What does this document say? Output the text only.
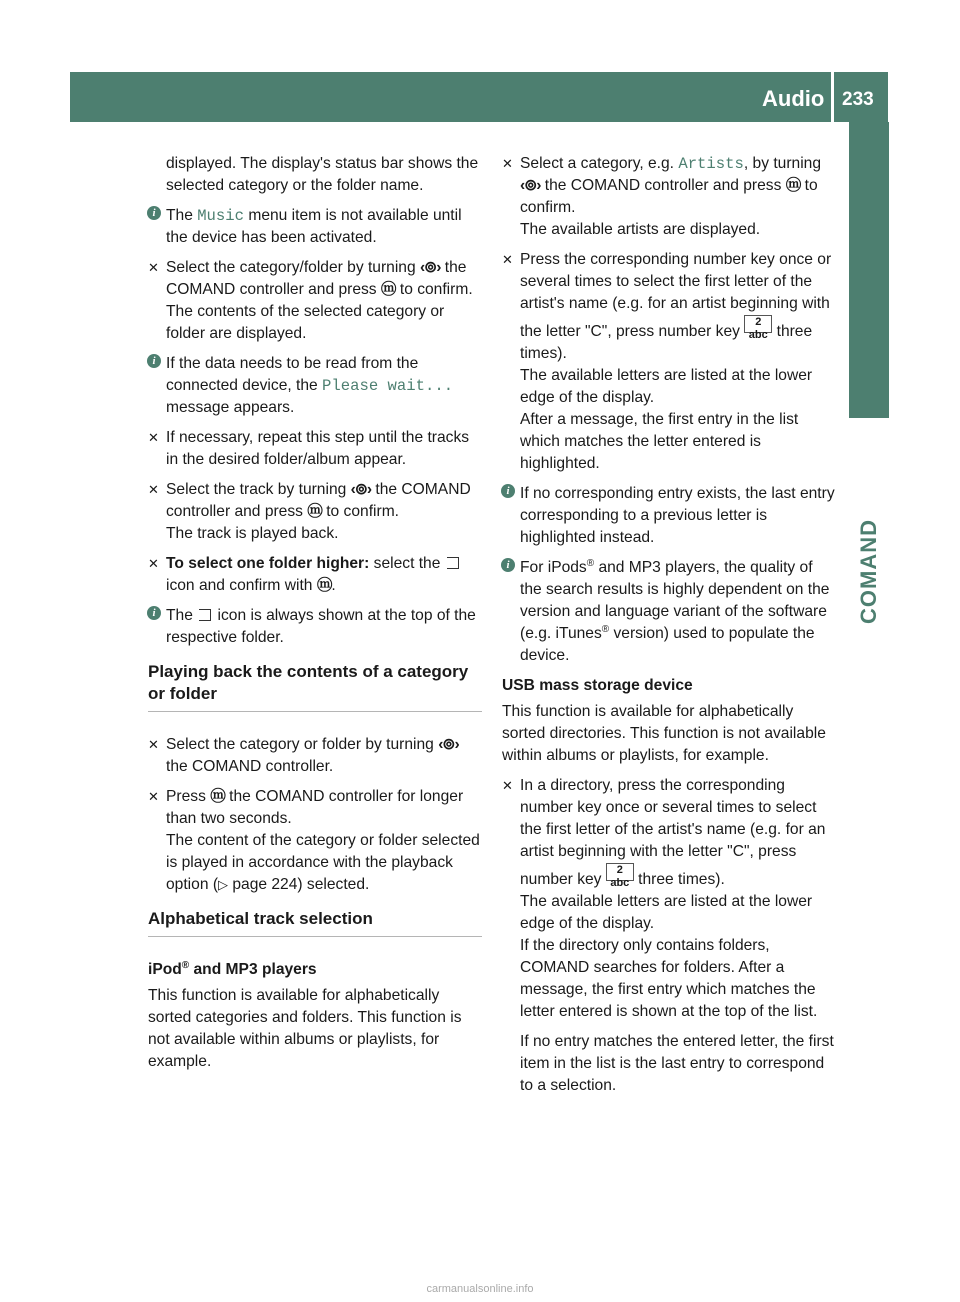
Audio 233
COMAND

displayed. The display's status bar shows the selected category or the folder name.

i The Music menu item is not available until the device has been activated.
✕ Select the category/folder by turning ‹⊚› the COMAND controller and press ⓜ to confirm.
The contents of the selected category or folder are displayed.
i If the data needs to be read from the connected device, the Please wait... message appears.
✕ If necessary, repeat this step until the tracks in the desired folder/album appear.
✕ Select the track by turning ‹⊚› the COMAND controller and press ⓜ to confirm.
The track is played back.
✕ To select one folder higher: select the  icon and confirm with ⓜ.
i The  icon is always shown at the top of the respective folder.
Playing back the contents of a category or folder
✕ Select the category or folder by turning ‹⊚› the COMAND controller.
✕ Press ⓜ the COMAND controller for longer than two seconds.
The content of the category or folder selected is played in accordance with the playback option (▷ page 224) selected.
Alphabetical track selection
iPod® and MP3 players

This function is available for alphabetically sorted categories and folders. This function is not available within albums or playlists, for example.

✕ Select a category, e.g. Artists, by turning ‹⊚› the COMAND controller and press ⓜ to confirm.
The available artists are displayed.
✕ Press the corresponding number key once or several times to select the first letter of the artist's name (e.g. for an artist beginning with the letter "C", press number key 2 abc three times).
The available letters are listed at the lower edge of the display.

After a message, the first entry in the list which matches the letter entered is highlighted.

i If no corresponding entry exists, the last entry corresponding to a previous letter is highlighted instead.
i For iPods® and MP3 players, the quality of the search results is highly dependent on the version and language variant of the software (e.g. iTunes® version) used to populate the device.
USB mass storage device

This function is available for alphabetically sorted directories. This function is not available within albums or playlists, for example.

✕ In a directory, press the corresponding number key once or several times to select the first letter of the artist's name (e.g. for an artist beginning with the letter "C", press number key 2 abc three times).
The available letters are listed at the lower edge of the display.

If the directory only contains folders, COMAND searches for folders. After a message, the first entry which matches the letter entered is shown at the top of the list.

If no entry matches the entered letter, the first item in the list is the last entry to correspond to a selection.

carmanualsonline.info
